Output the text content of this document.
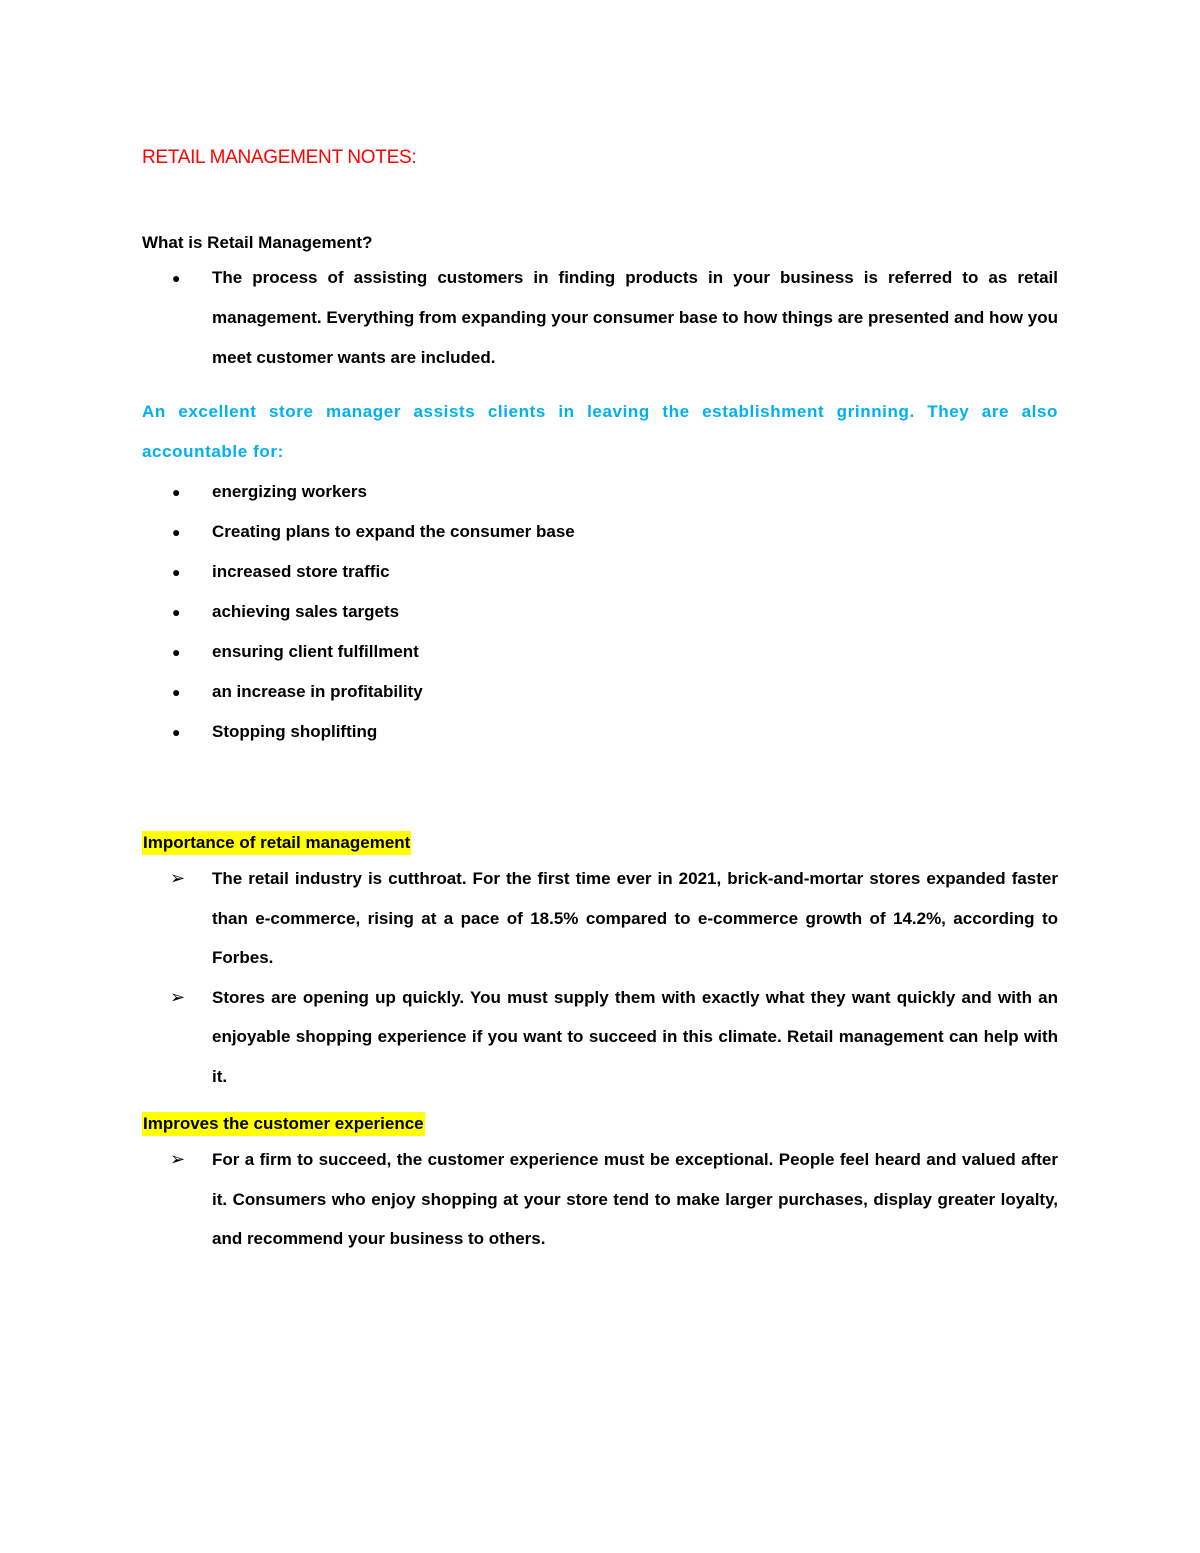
RETAIL MANAGEMENT NOTES:
What is Retail Management?
● The process of assisting customers in finding products in your business is referred to as retail management. Everything from expanding your consumer base to how things are presented and how you meet customer wants are included.
An excellent store manager assists clients in leaving the establishment grinning. They are also accountable for:
● energizing workers
● Creating plans to expand the consumer base
● increased store traffic
● achieving sales targets
● ensuring client fulfillment
● an increase in profitability
● Stopping shoplifting
Importance of retail management
➢ The retail industry is cutthroat. For the first time ever in 2021, brick-and-mortar stores expanded faster than e-commerce, rising at a pace of 18.5% compared to e-commerce growth of 14.2%, according to Forbes.
➢ Stores are opening up quickly. You must supply them with exactly what they want quickly and with an enjoyable shopping experience if you want to succeed in this climate. Retail management can help with it.
Improves the customer experience
➢ For a firm to succeed, the customer experience must be exceptional. People feel heard and valued after it. Consumers who enjoy shopping at your store tend to make larger purchases, display greater loyalty, and recommend your business to others.
